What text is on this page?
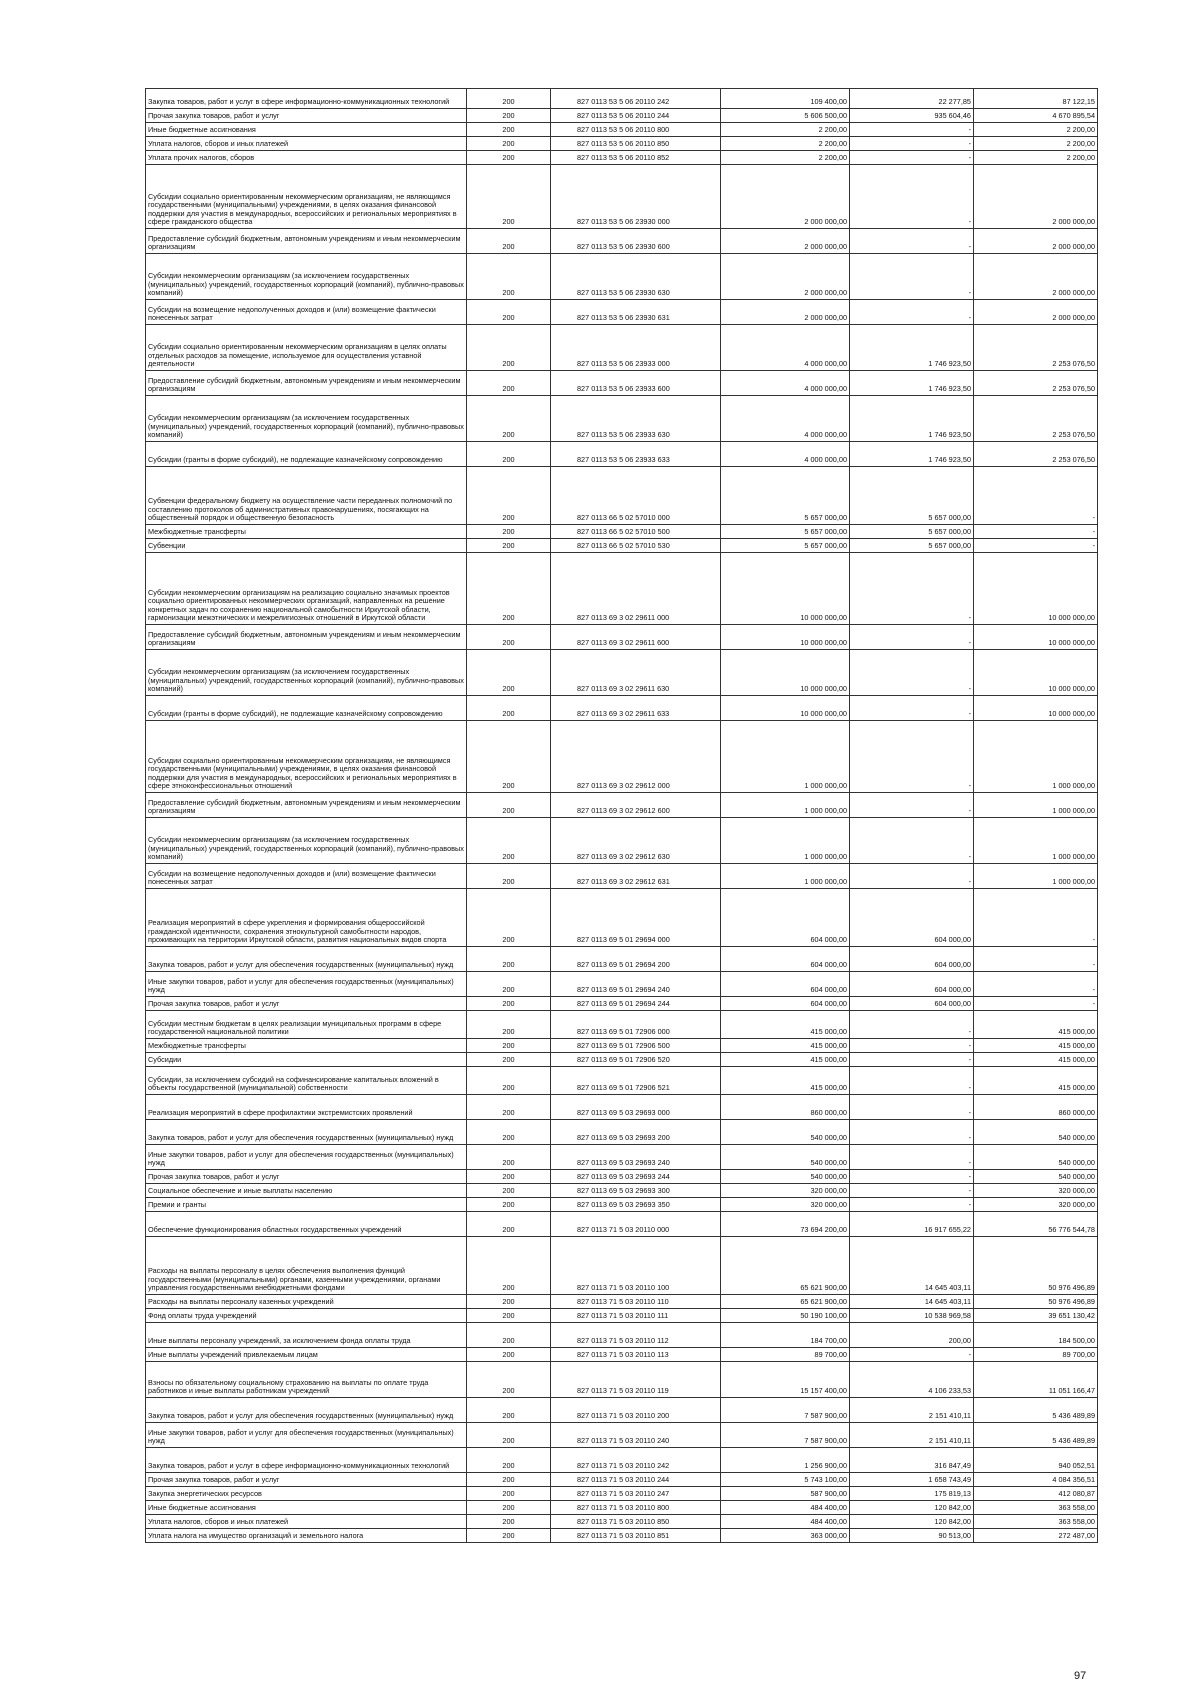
Закупка товаров, работ и услуг в сфере информационно-коммуникационных технологий	200	827 0113 53 5 06 20110 242	109 400,00	22 277,85	87 122,15
Прочая закупка товаров, работ и услуг	200	827 0113 53 5 06 20110 244	5 606 500,00	935 604,46	4 670 895,54
Иные бюджетные ассигнования	200	827 0113 53 5 06 20110 800	2 200,00	-	2 200,00
Уплата налогов, сборов и иных платежей	200	827 0113 53 5 06 20110 850	2 200,00	-	2 200,00
Уплата прочих налогов, сборов	200	827 0113 53 5 06 20110 852	2 200,00	-	2 200,00
Субсидии социально ориентированным некоммерческим организациям, не являющимся государственными (муниципальными) учреждениями, в целях оказания финансовой поддержки для участия в международных, всероссийских и региональных мероприятиях в сфере гражданского общества	200	827 0113 53 5 06 23930 000	2 000 000,00	-	2 000 000,00
Предоставление субсидий бюджетным, автономным учреждениям и иным некоммерческим организациям	200	827 0113 53 5 06 23930 600	2 000 000,00	-	2 000 000,00
Субсидии некоммерческим организациям (за исключением государственных (муниципальных) учреждений, государственных корпораций (компаний), публично-правовых компаний)	200	827 0113 53 5 06 23930 630	2 000 000,00	-	2 000 000,00
Субсидии на возмещение недополученных доходов и (или) возмещение фактически понесенных затрат	200	827 0113 53 5 06 23930 631	2 000 000,00	-	2 000 000,00
Субсидии социально ориентированным некоммерческим организациям в целях оплаты отдельных расходов за помещение, используемое для осуществления уставной деятельности	200	827 0113 53 5 06 23933 000	4 000 000,00	1 746 923,50	2 253 076,50
Предоставление субсидий бюджетным, автономным учреждениям и иным некоммерческим организациям	200	827 0113 53 5 06 23933 600	4 000 000,00	1 746 923,50	2 253 076,50
Субсидии некоммерческим организациям (за исключением государственных (муниципальных) учреждений, государственных корпораций (компаний), публично-правовых компаний)	200	827 0113 53 5 06 23933 630	4 000 000,00	1 746 923,50	2 253 076,50
Субсидии (гранты в форме субсидий), не подлежащие казначейскому сопровождению	200	827 0113 53 5 06 23933 633	4 000 000,00	1 746 923,50	2 253 076,50
Субвенции федеральному бюджету на осуществление части переданных полномочий по составлению протоколов об административных правонарушениях, посягающих на общественный порядок и общественную безопасность	200	827 0113 66 5 02 57010 000	5 657 000,00	5 657 000,00	-
Межбюджетные трансферты	200	827 0113 66 5 02 57010 500	5 657 000,00	5 657 000,00	-
Субвенции	200	827 0113 66 5 02 57010 530	5 657 000,00	5 657 000,00	-
Субсидии некоммерческим организациям на реализацию социально значимых проектов социально ориентированных некоммерческих организаций, направленных на решение конкретных задач по сохранению национальной самобытности Иркутской области, гармонизации межэтнических и межрелигиозных отношений в Иркутской области	200	827 0113 69 3 02 29611 000	10 000 000,00	-	10 000 000,00
Предоставление субсидий бюджетным, автономным учреждениям и иным некоммерческим организациям	200	827 0113 69 3 02 29611 600	10 000 000,00	-	10 000 000,00
Субсидии некоммерческим организациям (за исключением государственных (муниципальных) учреждений, государственных корпораций (компаний), публично-правовых компаний)	200	827 0113 69 3 02 29611 630	10 000 000,00	-	10 000 000,00
Субсидии (гранты в форме субсидий), не подлежащие казначейскому сопровождению	200	827 0113 69 3 02 29611 633	10 000 000,00	-	10 000 000,00
Субсидии социально ориентированным некоммерческим организациям, не являющимся государственными (муниципальными) учреждениями, в целях оказания финансовой поддержки для участия в международных, всероссийских и региональных мероприятиях в сфере этноконфессиональных отношений	200	827 0113 69 3 02 29612 000	1 000 000,00	-	1 000 000,00
Предоставление субсидий бюджетным, автономным учреждениям и иным некоммерческим организациям	200	827 0113 69 3 02 29612 600	1 000 000,00	-	1 000 000,00
Субсидии некоммерческим организациям (за исключением государственных (муниципальных) учреждений, государственных корпораций (компаний), публично-правовых компаний)	200	827 0113 69 3 02 29612 630	1 000 000,00	-	1 000 000,00
Субсидии на возмещение недополученных доходов и (или) возмещение фактически понесенных затрат	200	827 0113 69 3 02 29612 631	1 000 000,00	-	1 000 000,00
Реализация мероприятий в сфере укрепления и формирования общероссийской гражданской идентичности, сохранения этнокультурной самобытности народов, проживающих на территории Иркутской области, развития национальных видов спорта	200	827 0113 69 5 01 29694 000	604 000,00	604 000,00	-
Закупка товаров, работ и услуг для обеспечения государственных (муниципальных) нужд	200	827 0113 69 5 01 29694 200	604 000,00	604 000,00	-
Иные закупки товаров, работ и услуг для обеспечения государственных (муниципальных) нужд	200	827 0113 69 5 01 29694 240	604 000,00	604 000,00	-
Прочая закупка товаров, работ и услуг	200	827 0113 69 5 01 29694 244	604 000,00	604 000,00	-
Субсидии местным бюджетам в целях реализации муниципальных программ в сфере государственной национальной политики	200	827 0113 69 5 01 72906 000	415 000,00	-	415 000,00
Межбюджетные трансферты	200	827 0113 69 5 01 72906 500	415 000,00	-	415 000,00
Субсидии	200	827 0113 69 5 01 72906 520	415 000,00	-	415 000,00
Субсидии, за исключением субсидий на софинансирование капитальных вложений в объекты государственной (муниципальной) собственности	200	827 0113 69 5 01 72906 521	415 000,00	-	415 000,00
Реализация мероприятий в сфере профилактики экстремистских проявлений	200	827 0113 69 5 03 29693 000	860 000,00	-	860 000,00
Закупка товаров, работ и услуг для обеспечения государственных (муниципальных) нужд	200	827 0113 69 5 03 29693 200	540 000,00	-	540 000,00
Иные закупки товаров, работ и услуг для обеспечения государственных (муниципальных) нужд	200	827 0113 69 5 03 29693 240	540 000,00	-	540 000,00
Прочая закупка товаров, работ и услуг	200	827 0113 69 5 03 29693 244	540 000,00	-	540 000,00
Социальное обеспечение и иные выплаты населению	200	827 0113 69 5 03 29693 300	320 000,00	-	320 000,00
Премии и гранты	200	827 0113 69 5 03 29693 350	320 000,00	-	320 000,00
Обеспечение функционирования областных государственных учреждений	200	827 0113 71 5 03 20110 000	73 694 200,00	16 917 655,22	56 776 544,78
Расходы на выплаты персоналу в целях обеспечения выполнения функций государственными (муниципальными) органами, казенными учреждениями, органами управления государственными внебюджетными фондами	200	827 0113 71 5 03 20110 100	65 621 900,00	14 645 403,11	50 976 496,89
Расходы на выплаты персоналу казенных учреждений	200	827 0113 71 5 03 20110 110	65 621 900,00	14 645 403,11	50 976 496,89
Фонд оплаты труда учреждений	200	827 0113 71 5 03 20110 111	50 190 100,00	10 538 969,58	39 651 130,42
Иные выплаты персоналу учреждений, за исключением фонда оплаты труда	200	827 0113 71 5 03 20110 112	184 700,00	200,00	184 500,00
Иные выплаты учреждений привлекаемым лицам	200	827 0113 71 5 03 20110 113	89 700,00	-	89 700,00
Взносы по обязательному социальному страхованию на выплаты по оплате труда работников и иные выплаты работникам учреждений	200	827 0113 71 5 03 20110 119	15 157 400,00	4 106 233,53	11 051 166,47
Закупка товаров, работ и услуг для обеспечения государственных (муниципальных) нужд	200	827 0113 71 5 03 20110 200	7 587 900,00	2 151 410,11	5 436 489,89
Иные закупки товаров, работ и услуг для обеспечения государственных (муниципальных) нужд	200	827 0113 71 5 03 20110 240	7 587 900,00	2 151 410,11	5 436 489,89
Закупка товаров, работ и услуг в сфере информационно-коммуникационных технологий	200	827 0113 71 5 03 20110 242	1 256 900,00	316 847,49	940 052,51
Прочая закупка товаров, работ и услуг	200	827 0113 71 5 03 20110 244	5 743 100,00	1 658 743,49	4 084 356,51
Закупка энергетических ресурсов	200	827 0113 71 5 03 20110 247	587 900,00	175 819,13	412 080,87
Иные бюджетные ассигнования	200	827 0113 71 5 03 20110 800	484 400,00	120 842,00	363 558,00
Уплата налогов, сборов и иных платежей	200	827 0113 71 5 03 20110 850	484 400,00	120 842,00	363 558,00
Уплата налога на имущество организаций и земельного налога	200	827 0113 71 5 03 20110 851	363 000,00	90 513,00	272 487,00
97
